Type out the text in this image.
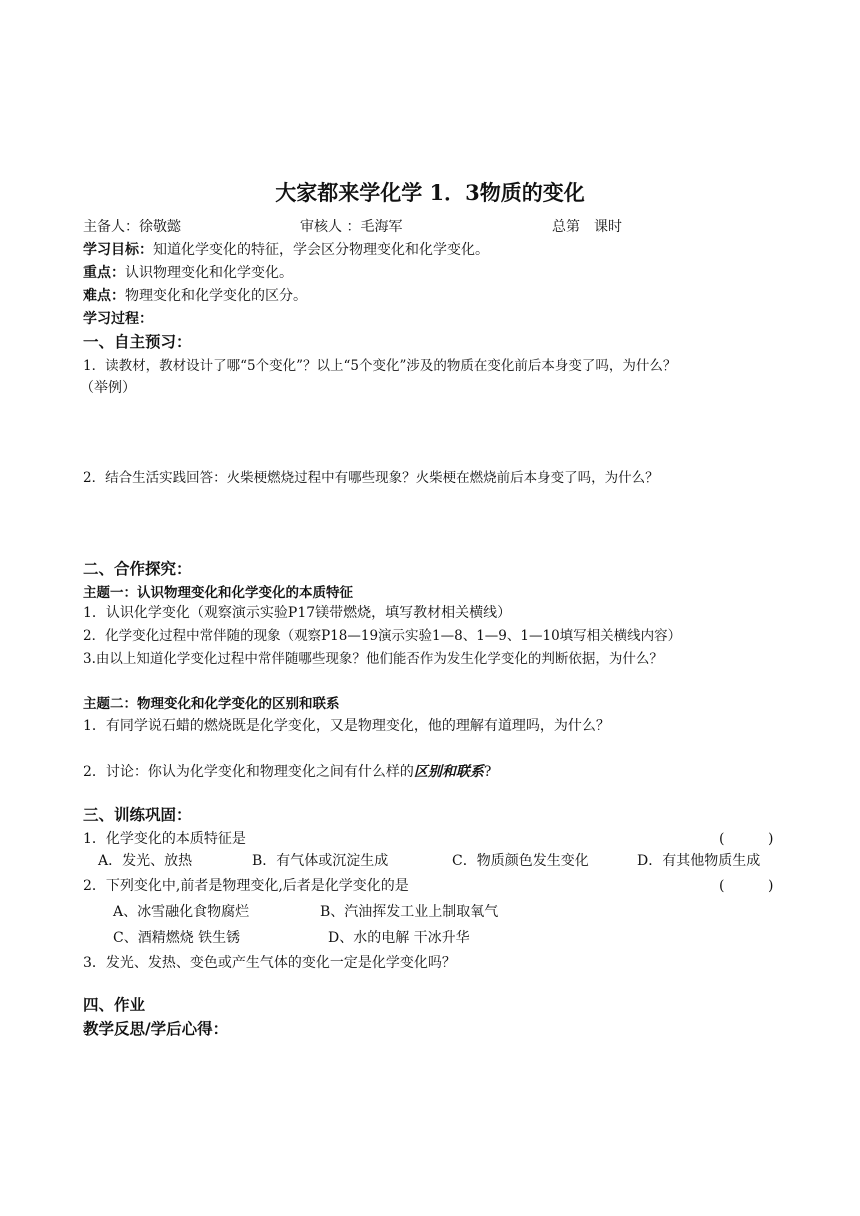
大家都来学化学 1．3物质的变化
主备人：徐敬懿	审核人 ：毛海军	总第　课时
学习目标：知道化学变化的特征，学会区分物理变化和化学变化。
重点：认识物理变化和化学变化。
难点：物理变化和化学变化的区分。
学习过程：
一、自主预习：
1．读教材，教材设计了哪“5个变化”？以上“5个变化”涉及的物质在变化前后本身变了吗，为什么？
（举例）
2．结合生活实践回答：火柴梗燃烧过程中有哪些现象？火柴梗在燃烧前后本身变了吗，为什么？
二、合作探究：
主题一：认识物理变化和化学变化的本质特征
1．认识化学变化（观察演示实验P17镁带燃烧，填写教材相关横线）
2．化学变化过程中常伴随的现象（观察P18—19演示实验1—8、1—9、1—10填写相关横线内容）
3.由以上知道化学变化过程中常伴随哪些现象？他们能否作为发生化学变化的判断依据，为什么？
主题二：物理变化和化学变化的区别和联系
1．有同学说石蜡的燃烧既是化学变化，又是物理变化，他的理解有道理吗，为什么？
2．讨论：你认为化学变化和物理变化之间有什么样的区别和联系?
三、训练巩固：
1．化学变化的本质特征是	(	)
A．发光、放热	B．有气体或沉淀生成	C．物质颜色发生变化	D．有其他物质生成
2．下列变化中,前者是物理变化,后者是化学变化的是	(	)
A、冰雪融化食物腐烂	B、汽油挥发工业上制取氧气
C、酒精燃烧 铁生锈	D、水的电解 干冰升华
3．发光、发热、变色或产生气体的变化一定是化学变化吗？
四、作业
教学反思/学后心得：
